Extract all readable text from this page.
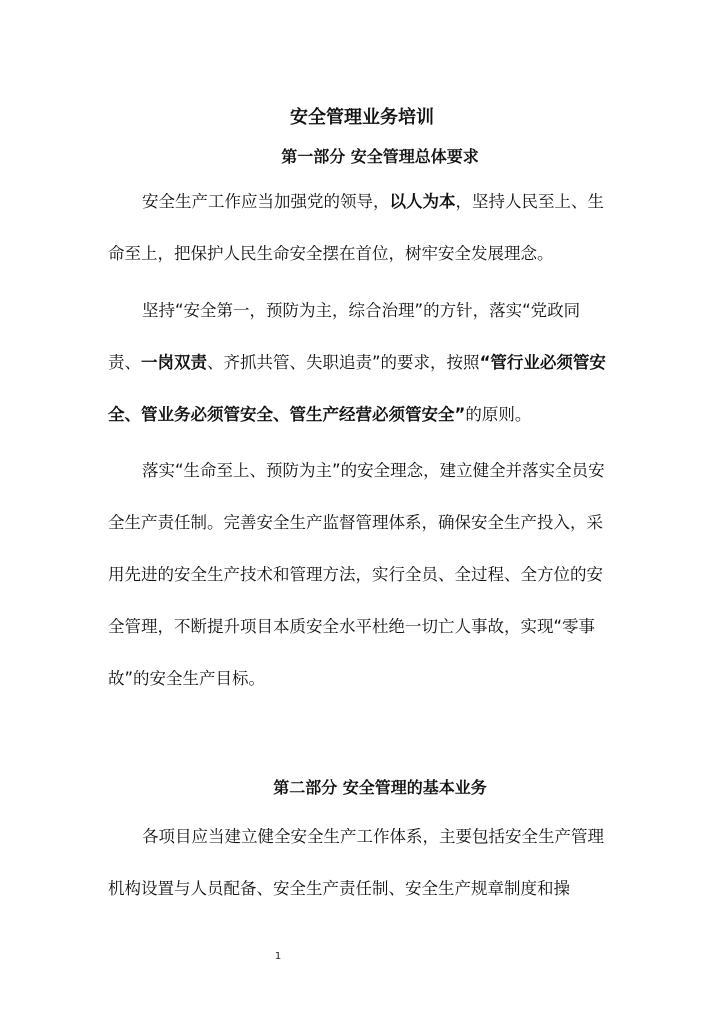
安全管理业务培训
第一部分 安全管理总体要求

安全生产工作应当加强党的领导，以人为本，坚持人民至上、生命至上，把保护人民生命安全摆在首位，树牢安全发展理念。

坚持“安全第一，预防为主，综合治理”的方针，落实“党政同责、一岗双责、齐抓共管、失职追责”的要求，按照“管行业必须管安全、管业务必须管安全、管生产经营必须管安全”的原则。

落实“生命至上、预防为主”的安全理念，建立健全并落实全员安全生产责任制。完善安全生产监督管理体系，确保安全生产投入，采用先进的安全生产技术和管理方法，实行全员、全过程、全方位的安全管理，不断提升项目本质安全水平杜绝一切亡人事故，实现“零事故”的安全生产目标。

第二部分 安全管理的基本业务

各项目应当建立健全安全生产工作体系，主要包括安全生产管理机构设置与人员配备、安全生产责任制、安全生产规章制度和操

1
